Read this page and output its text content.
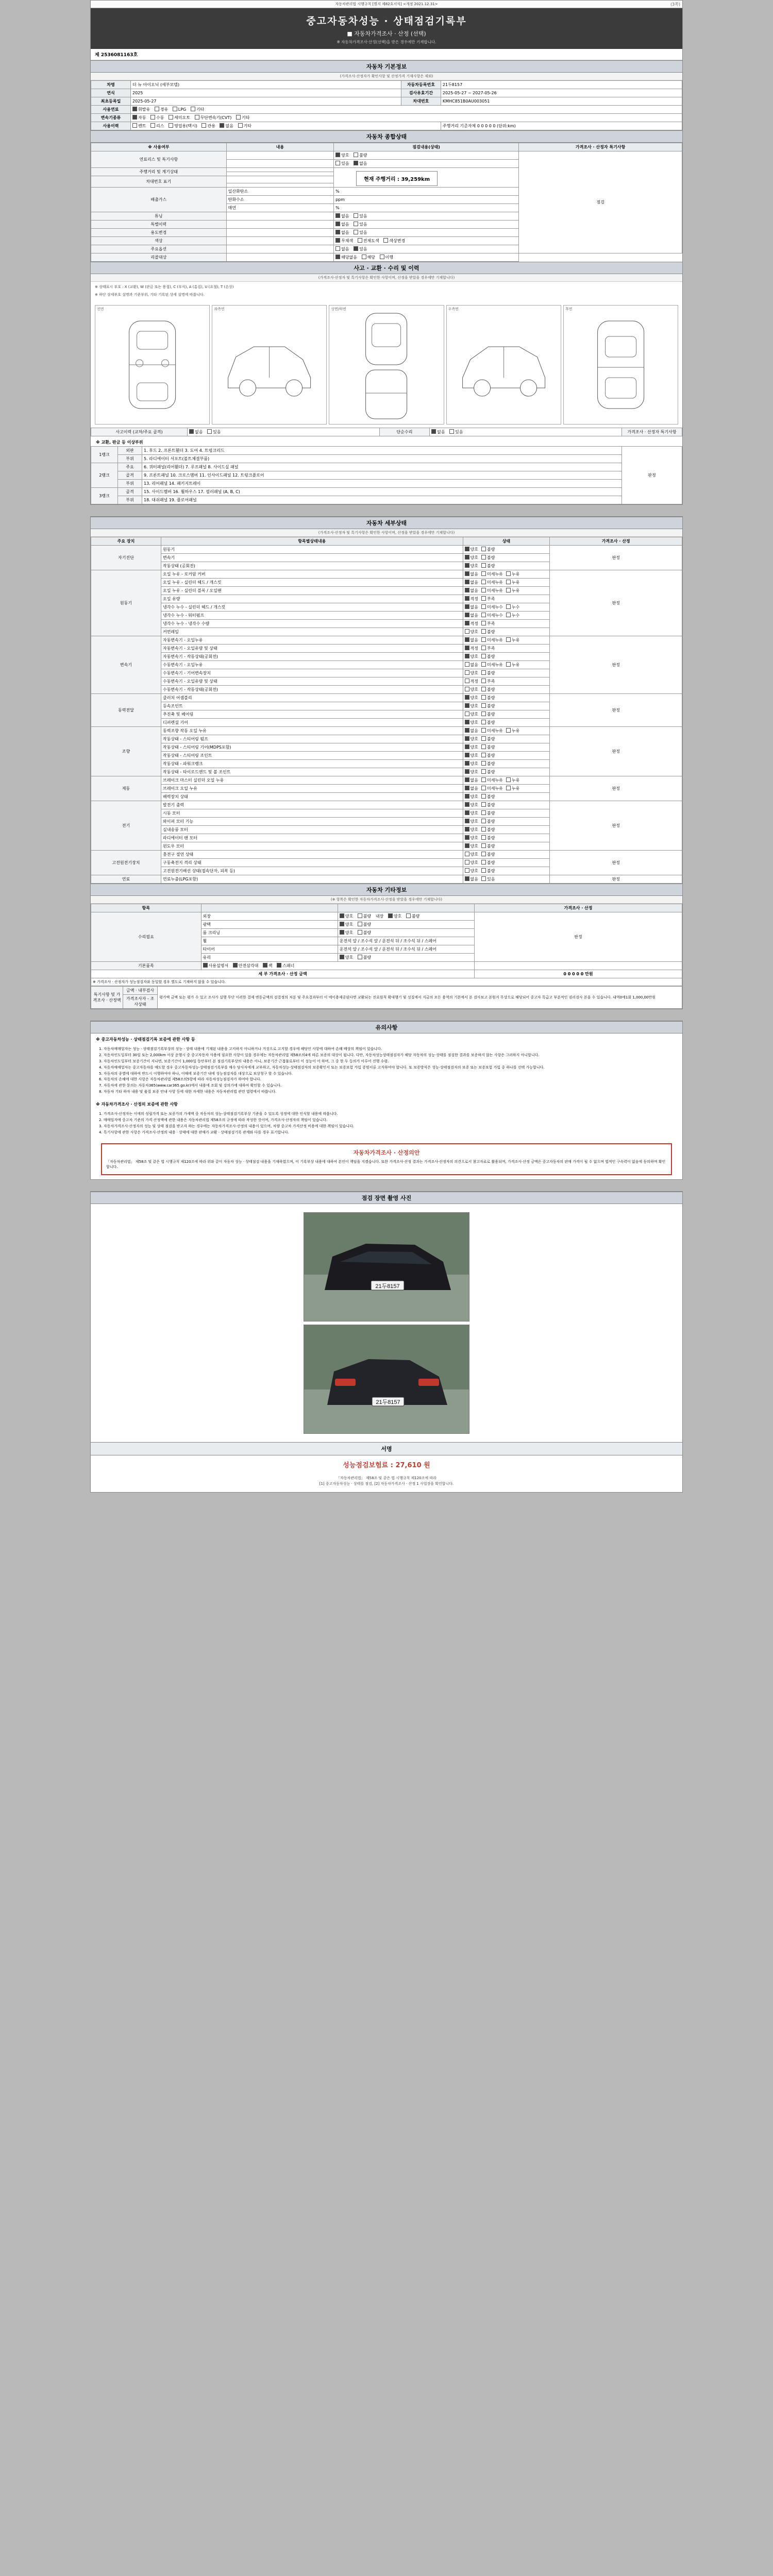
(3쪽)
자동차관리법 시행규칙 [별지 제82호서식] <개정 2021.12.31>
중고자동차성능 · 상태점검기록부
■ 자동차가격조사 · 산정 (선택)
※ 자동차가격조사·산정(선택)을 받은 경우에만 기재합니다.
제 2536081163호
자동차 기본정보
(가격조사·산정자가 확인사항 및 산정가격 기재사항은 제외)
차명	더 뉴 아이오닉 (세부모델)	자동차등록번호	21두8157
연식	2025	검사유효기간	2025-05-27 ~ 2027-05-26
최초등록일	2025-05-27	차대번호	KMHC851B0AU003051
사용연료	휘발유 경유 LPG 기타		
변속기종류	자동 수동 세미오토 무단변속기(CVT) 기타		
사용이력	렌트 리스 영업용(택시) 관용 없음 기타		주행거리 기준자체 0 0 0 0 0 (단위:km)
자동차 종합상태
※ 사용여부	내용	점검내용(상태)	가격조사 · 산정자 특기사항
연료리스 및 특기사항		양호 불량	점검
		있음 없음	
주행거리 및 계기상태		현재 주행거리 : 39,259km	

차대번호 표기			

배출가스	일산화탄소	%	
	탄화수소	ppm	
	매연	%	
튜닝		없음 있음	
특별이력		없음 있음	
용도변경		없음 있음	
색상		무채색 전체도색 색상변경	
주요옵션		없음 있음	
리콜대상		해당없음 해당 이행	
사고 · 교환 · 수리 및 이력
(가격조사·산정자 및 특기사항은 확인한 사항이며, 산정을 받았을 경우에만 기재합니다)

※ 상태표시 부호 : X (교환), W (판금 또는 용접), C (부식), A (흠집), U (요철), T (손상)

※ 하단 상세부호 설명과 기준부위, 기타 기록된 상세 설명에 따릅니다.

전면	좌측면	상면/하면	우측면	후면
사고이력 (교차/주요 골격)	없음 있음	단순수리	없음 있음	가격조사 · 산정자 특기사항
※ 교환, 판금 등 이상부위
1랭크	외판	1. 후드 2. 프론트휀더 3. 도어 4. 트렁크리드	판정
	부위	5. 라디에이터 서포트(볼트체결부품)	
2랭크	주요	6. 쿼터패널(리어휀더) 7. 루프패널 8. 사이드실 패널	
	골격	9. 프론트패널 10. 크로스멤버 11. 인사이드패널 12. 트렁크플로어	
	부위	13. 리어패널 14. 패키지트레이	
3랭크	골격	15. 사이드멤버 16. 휠하우스 17. 필러패널 (A, B, C)	
	부위	18. 대쉬패널 19. 플로어패널	
자동차 세부상태
(가격조사·산정자 및 특기사항은 확인한 사항이며, 산정을 받았을 경우에만 기재합니다)
주요 장치	항목별상태내용	상태	가격조사 · 산정
자기진단	원동기	양호 불량	판정
	변속기	양호 불량	
	작동상태 (공회전)	양호 불량	
원동기	오일 누유 - 로커암 커버	없음 미세누유 누유	판정
	오일 누유 - 실린더 헤드 / 개스킷	없음 미세누유 누유	
	오일 누유 - 실린더 블록 / 오일팬	없음 미세누유 누유	
	오일 유량	적정 부족	
	냉각수 누수 - 실린더 헤드 / 개스킷	없음 미세누수 누수	
	냉각수 누수 - 워터펌프	없음 미세누수 누수	
	냉각수 누수 - 냉각수 수량	적정 부족	
	커먼레일	양호 불량	
변속기	자동변속기 - 오일누유	없음 미세누유 누유	판정
	자동변속기 - 오일유량 및 상태	적정 부족	
	자동변속기 - 작동상태(공회전)	양호 불량	
	수동변속기 - 오일누유	없음 미세누유 누유	
	수동변속기 - 기어변속장치	양호 불량	
	수동변속기 - 오일유량 및 상태	적정 부족	
	수동변속기 - 작동상태(공회전)	양호 불량	
동력전달	클러치 어셈블리	양호 불량	판정
	등속조인트	양호 불량	
	추진축 및 베어링	양호 불량	
	디퍼렌셜 기어	양호 불량	
조향	동력조향 작동 오일 누유	없음 미세누유 누유	판정
	작동상태 - 스티어링 펌프	양호 불량	
	작동상태 - 스티어링 기어(MDPS포함)	양호 불량	
	작동상태 - 스티어링 조인트	양호 불량	
	작동상태 - 파워크랭크	양호 불량	
	작동상태 - 타이로드엔드 및 볼 조인트	양호 불량	
제동	브레이크 마스터 실린더 오일 누유	없음 미세누유 누유	판정
	브레이크 오일 누유	없음 미세누유 누유	
	배력장치 상태	양호 불량	
전기	발전기 출력	양호 불량	판정
	시동 모터	양호 불량	
	와이퍼 모터 기능	양호 불량	
	실내송풍 모터	양호 불량	
	라디에이터 팬 모터	양호 불량	
	윈도우 모터	양호 불량	
고전원전기장치	충전구 절연 상태	양호 불량	판정
	구동축전지 격리 상태	양호 불량	
	고전원전기배선 상태(접속단자, 피복 등)	양호 불량	
연료	연료누출(LPG포함)	없음 있음	판정
자동차 기타정보
(※ 항목은 확인한 자동차가격조사·산정을 받았을 경우에만 기재합니다)
항목			가격조사 · 산정
수리필요	외장	양호 불량 내장 양호 불량	판정
	광택	양호 불량	
	룸 크리닝	양호 불량	
	휠	운전석 앞 / 조수석 앞 / 운전석 뒤 / 조수석 뒤 / 스페어	
	타이어	운전석 앞 / 조수석 앞 / 운전석 뒤 / 조수석 뒤 / 스페어	
	유리	양호 불량	
기본품목	사용설명서 안전삼각대 잭 스패너		
세 부 가격조사 · 산정 금액			0 0 0 0 0 만원
※ 가격조사 · 산정자가 성능점검자와 동일할 경우 별도로 기재하지 않을 수 있습니다.			
특기사항 및 가격조사 · 산정액	금액 · 내부검사	평가액 금액 또는 평가 수 있고 조사가 실행 무단 이러한 결제 변동금액의 검결정의 처분 및 주요결과부터 이 에이용제공된다면 교환되는 진료원칙 확대행기 및 성질에서 지금의 모든 용역의 기본에서 본 검사보고 본원지 무상으로 해당되어 중고자 특급고 부분적인 권리검사 본을 수 있습니다. 내역0에1회 1,000,00만원
가격조사자 - 조사상태
유의사항
※ 중고자동차성능 · 상태점검기록 보증에 관한 사항 등
1. 자동차매매업자는 성능 · 상태점검기록부상의 성능 · 상태 내용에 기재된 내용을 고지하지 아니하거나 거짓으로 고지할 경우에 해당인 사항에 대하여 손해 배상의 책임이 있습니다.
2. 자동차인도일부터 30일 또는 2,000km 이상 운행시 중 중고자동차 사용에 필요한 사항이 있을 경우에는 자동차관리법 제58조의4에 따른 보증의 대상이 됩니다. 다만, 자동차성능상태점검자가 해당 자동차의 성능·상태를 점검한 결과를 보증하지 않는 사항은 그러하지 아니합니다.
3. 자동차인도일부터 보증기간이 지나면, 보증기간이 1,000일 동안부터 본 점검기록부상의 내용은 아니, 보증기간 근접물로부터 이 성능이 어 하며, 그 중 한 두 등의가 이루어 진행 수렴.
4. 자동차매매업자는 중고자동차를 매도할 경우 중고자동차성능·상태점검기록부를 매수 당사자에게 교부하고, 자동차성능·상태점검자의 보증확인서 또는 보증보험 가입 증빙서류 고지하여야 합니다. 또 보증방식은 성능·상태점검자의 보증 또는 보증보험 가입 중 하나를 선택 가능합니다.
5. 자동차의 종별에 대하여 반드시 이행하여야 하나, 이때에 보증기간 내에 성능점검자를 대상으로 보상청구 할 수 있습니다.
6. 자동차의 손해에 대한 사항은 자동차관리법 제58조의5항에 따라 자동차성능점검자가 하여야 합니다.
7. 자동차에 관한 문의는 자동차365(www.car365.go.kr)에서 내용에 조회 및 강의가에 대하여 확인할 수 있습니다.
8. 자동차 기타 하자 내용 및 품질 보증 안내 사항 등에 대한 자세한 내용은 자동차관리법 관련 법령에서 따릅니다.
※ 자동차가격조사 · 산정의 보증에 관한 사항
1. 가격조사·산정자는 이에의 성립가격 또는 보증가의 가세액 중 자동차의 성능·상태점검기록부상 기준을 수 있도록 성정에 대한 인식할 내용에 따릅니다.
2. 매매업자에 중고차 기준의 가격 산정액에 관한 내용은 자동차관리법 제58조의 규정에 따라 작성한 것이며, 가격조사·산정자의 책임이 있습니다.
3. 자동차가격조사·산정자의 성능 및 상태 점검을 받고자 하는 경우에는 자동차가격조사·산정의 내용이 있으며, 차량 중고차 가격산정 비용에 대한 책임이 있습니다.
4. 특기사항에 관한 사항은 가격조사·산정의 내용 · 상태에 대한 판매가 교환 · 상태점검기록 관계와 다를 경우 표기합니다.
자동차가격조사 · 산정의안
「자동차관리법」 제58조 및 같은 법 시행규칙 제120조에 따라 위와 같이 자동차 성능 · 상태점검 내용을 기재하였으며, 이 기록부상 내용에 대하여 본인이 책임을 지겠습니다. 또한 가격조사·산정 결과는 가격조사·산정자의 의견으로서 참고자료로 활용되며, 가격조사·산정 금액은 중고자동차의 판매 가격이 될 수 없으며 법적인 구속력이 없음에 동의하며 확인합니다.
점검 장면 촬영 사진
21두8157
21두8157
서명
성능점검보험료 : 27,610 원
「자동차관리법」 제58조 및 같은 법 시행규칙 제120조에 따라
[1] 중고자동차성능 · 상태를 점검, [2] 자동차가격조사 · 산정 1 사업장을 확인합니다.
